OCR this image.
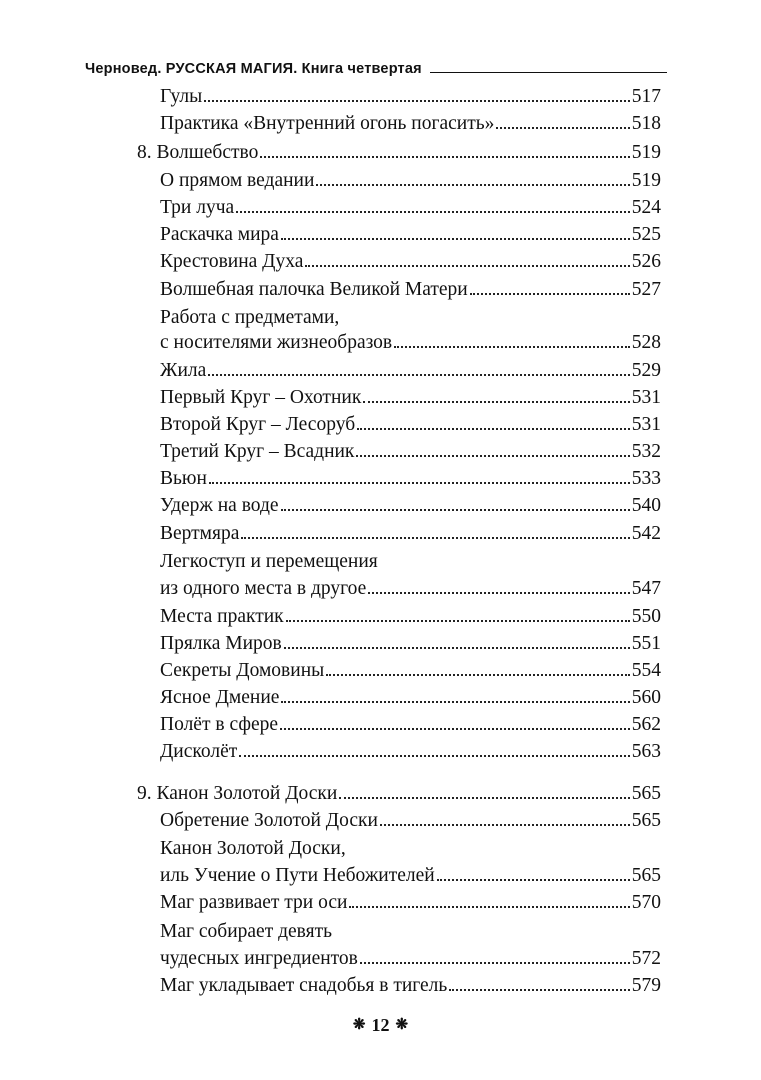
Черновед. РУССКАЯ МАГИЯ. Книга четвертая
Гулы	517
Практика «Внутренний огонь погасить»	518
8. Волшебство	519
О прямом ведании	519
Три луча	524
Раскачка мира	525
Крестовина Духа	526
Волшебная палочка Великой Матери	527
Работа с предметами,
с носителями жизнеобразов	528
Жила	529
Первый Круг – Охотник	531
Второй Круг – Лесоруб	531
Третий Круг – Всадник	532
Вьюн	533
Удерж на воде	540
Вертмяра	542
Легкоступ и перемещения
из одного места в другое	547
Места практик	550
Прялка Миров	551
Секреты Домовины	554
Ясное Дмение	560
Полёт в сфере	562
Дисколёт	563
9. Канон Золотой Доски	565
Обретение Золотой Доски	565
Канон Золотой Доски,
иль Учение о Пути Небожителей	565
Маг развивает три оси	570
Маг собирает девять
чудесных ингредиентов	572
Маг укладывает снадобья в тигель	579
❋ 12 ❋
